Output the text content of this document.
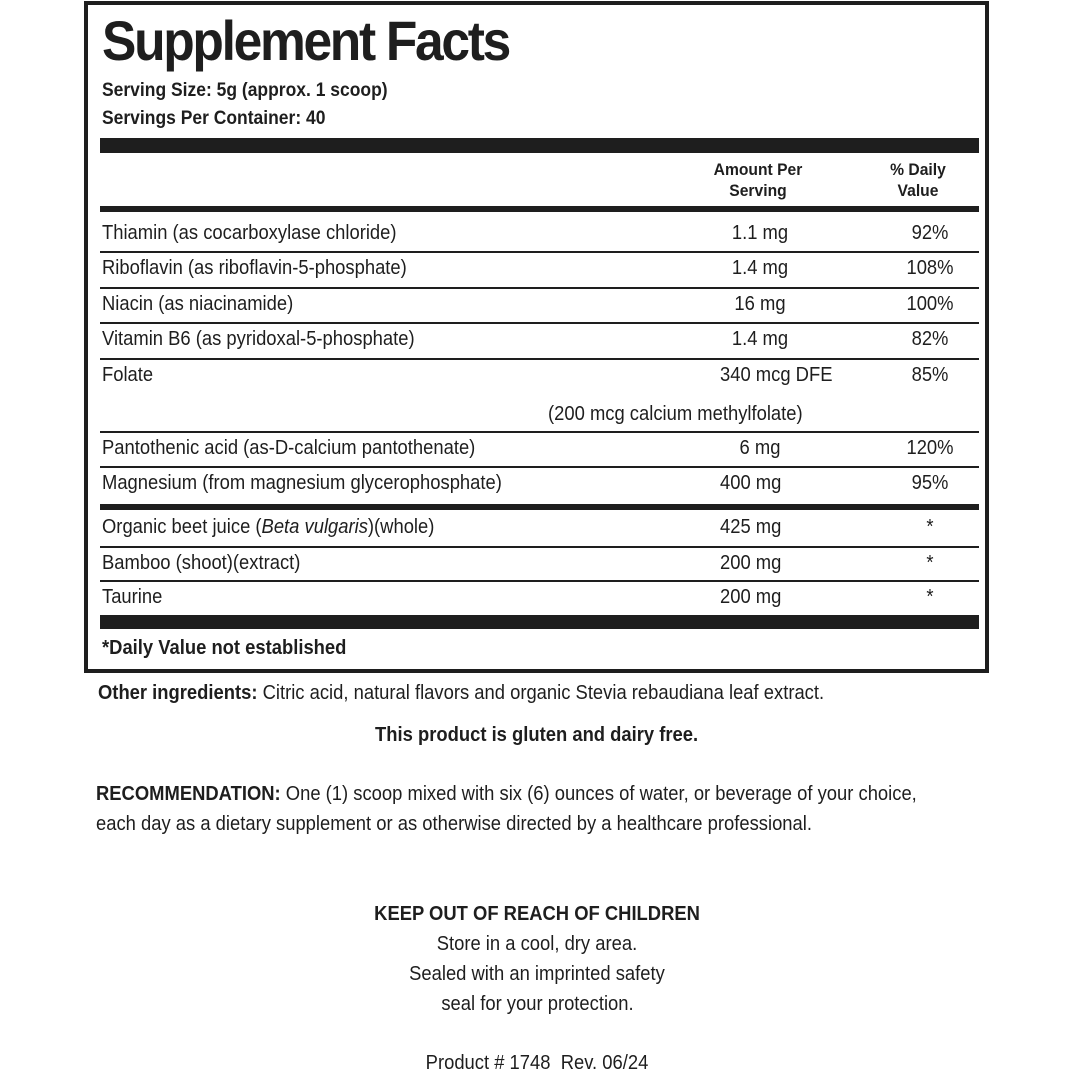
Supplement Facts
Serving Size: 5g (approx. 1 scoop)
Servings Per Container: 40
Amount Per
Serving
% Daily
Value
Thiamin (as cocarboxylase chloride)	1.1 mg	92%
Riboflavin (as riboflavin-5-phosphate)	1.4 mg	108%
Niacin (as niacinamide)	16 mg	100%
Vitamin B6 (as pyridoxal-5-phosphate)	1.4 mg	82%
Folate	340 mcg DFE	85%
(200 mcg calcium methylfolate)
Pantothenic acid (as-D-calcium pantothenate)	6 mg	120%
Magnesium (from magnesium glycerophosphate)	400 mg	95%
Organic beet juice (Beta vulgaris)(whole)	425 mg	*
Bamboo (shoot)(extract)	200 mg	*
Taurine	200 mg	*
*Daily Value not established
Other ingredients: Citric acid, natural flavors and organic Stevia rebaudiana leaf extract.
This product is gluten and dairy free.
RECOMMENDATION: One (1) scoop mixed with six (6) ounces of water, or beverage of your choice, each day as a dietary supplement or as otherwise directed by a healthcare professional.
KEEP OUT OF REACH OF CHILDREN
Store in a cool, dry area.
Sealed with an imprinted safety
seal for your protection.
Product # 1748  Rev. 06/24
